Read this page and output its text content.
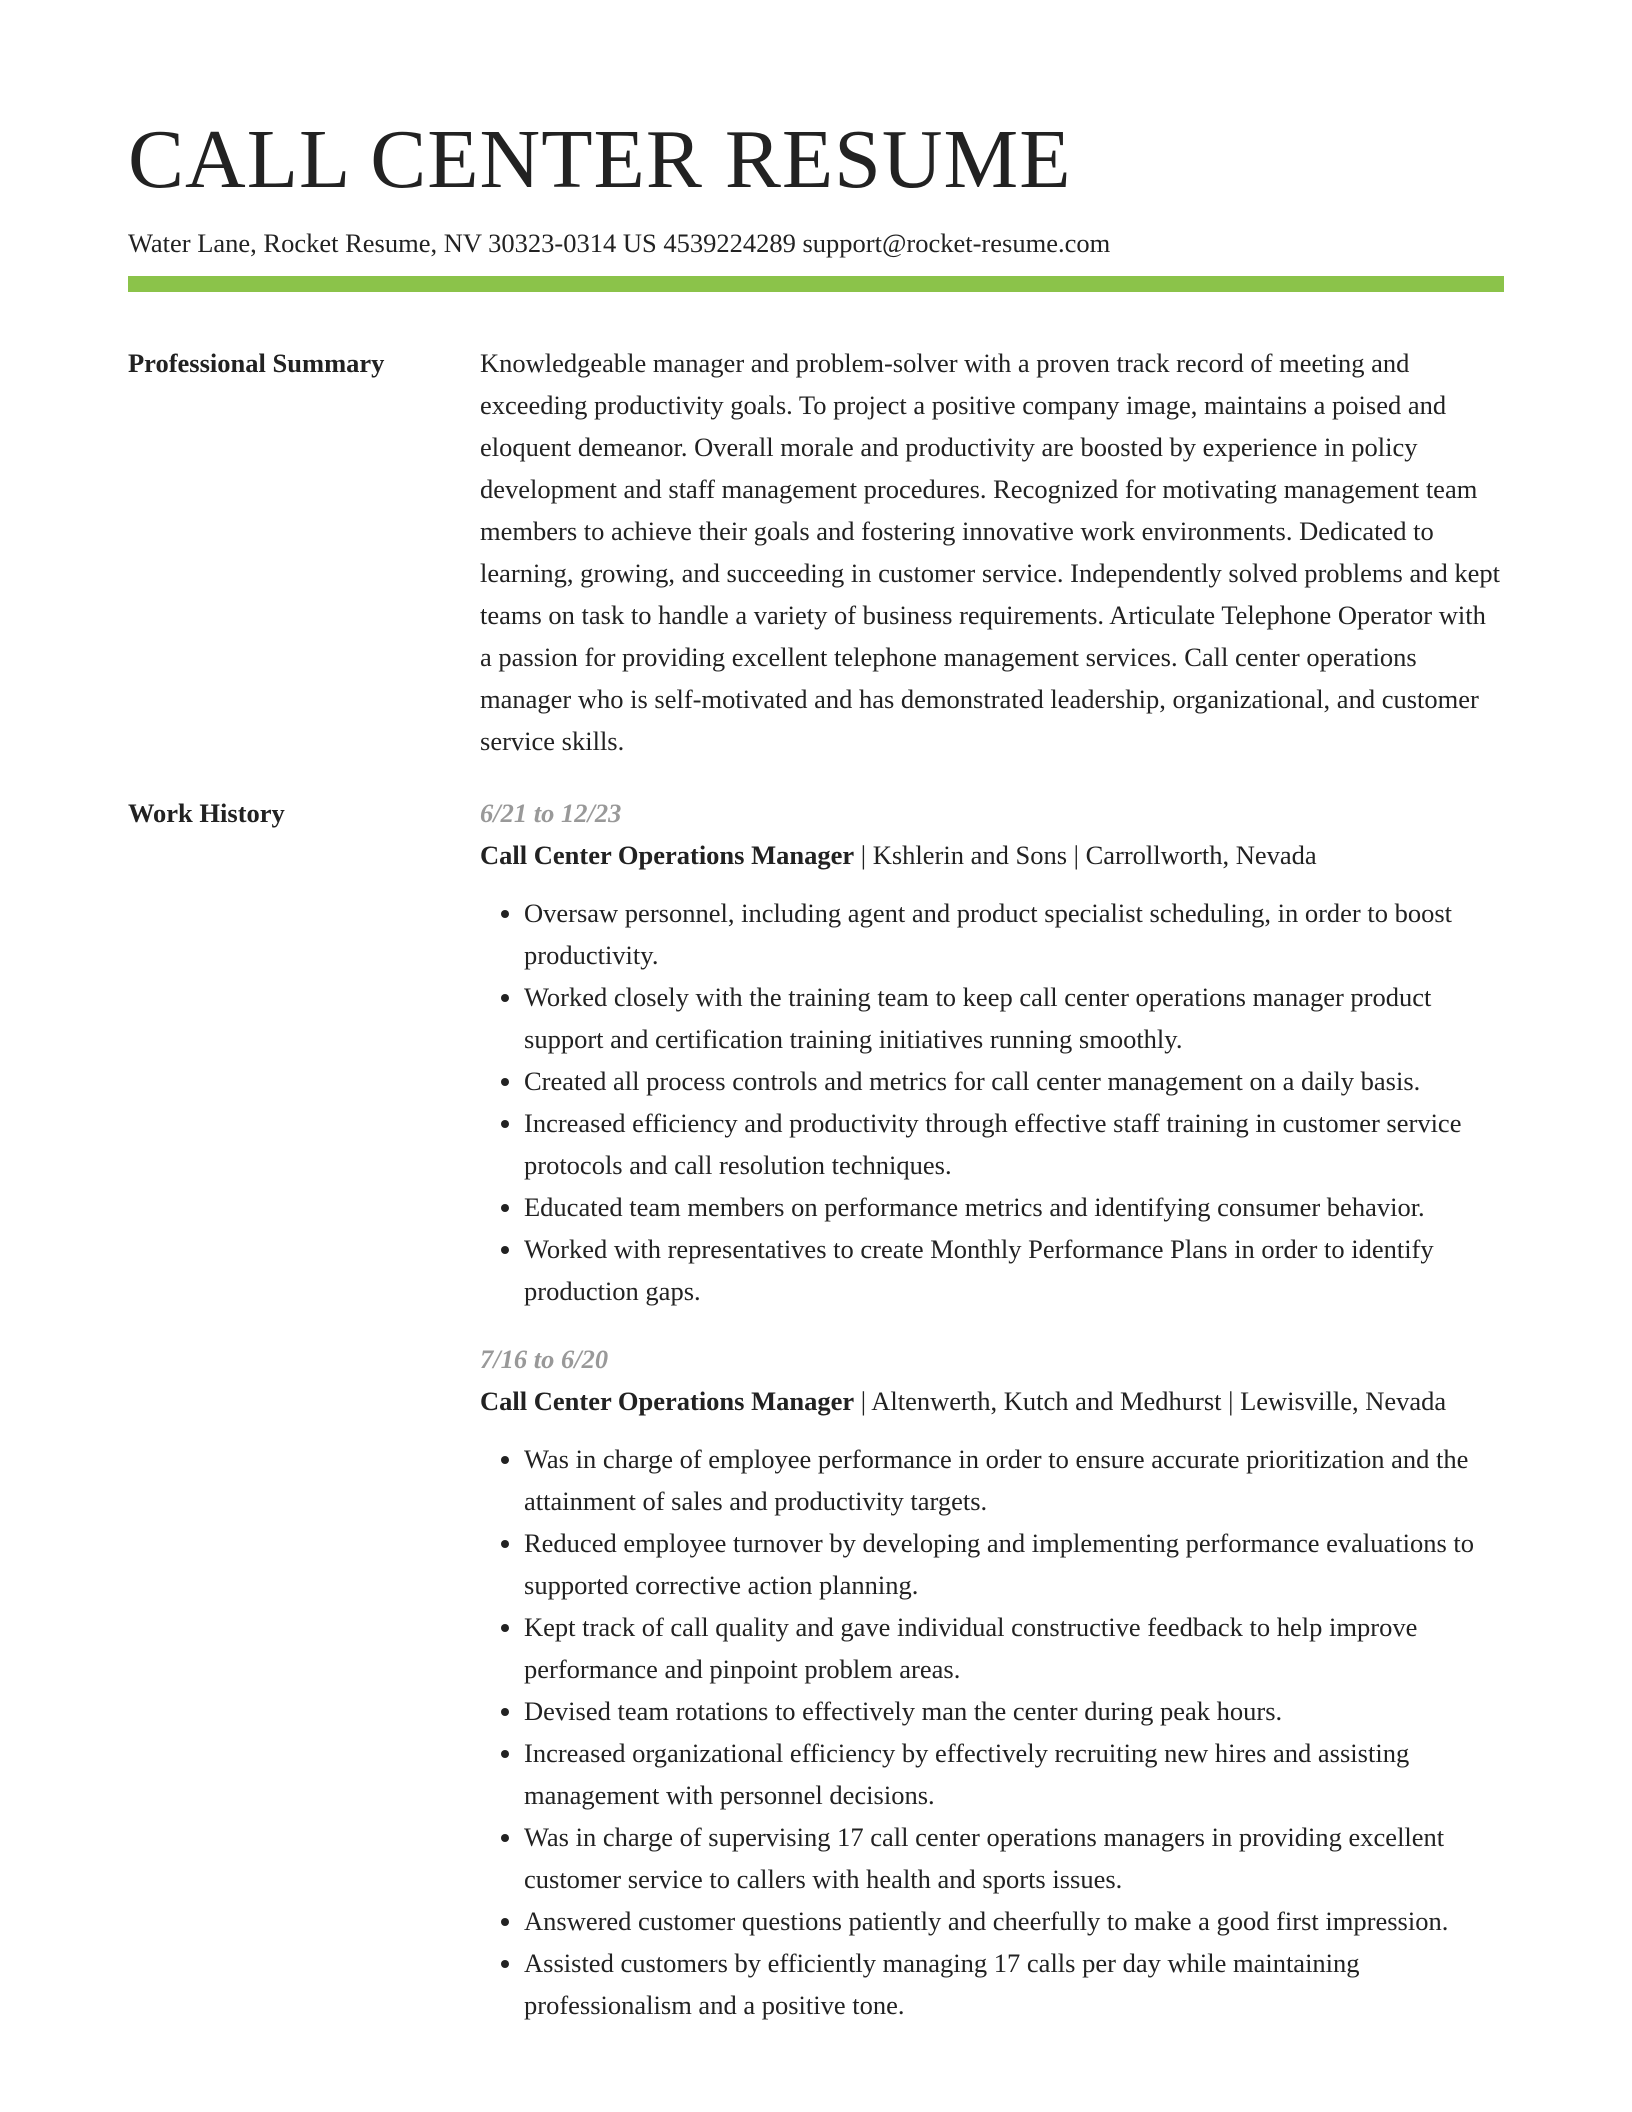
CALL CENTER RESUME
Water Lane, Rocket Resume, NV 30323-0314 US 4539224289 support@rocket-resume.com
Professional Summary	Knowledgeable manager and problem-solver with a proven track record of meeting and exceeding productivity goals. To project a positive company image, maintains a poised and eloquent demeanor. Overall morale and productivity are boosted by experience in policy development and staff management procedures. Recognized for motivating management team members to achieve their goals and fostering innovative work environments. Dedicated to learning, growing, and succeeding in customer service. Independently solved problems and kept teams on task to handle a variety of business requirements. Articulate Telephone Operator with a passion for providing excellent telephone management services. Call center operations manager who is self-motivated and has demonstrated leadership, organizational, and customer service skills.

Work History	6/21 to 12/23
Call Center Operations Manager | Kshlerin and Sons | Carrollworth, Nevada
• Oversaw personnel, including agent and product specialist scheduling, in order to boost productivity.
• Worked closely with the training team to keep call center operations manager product support and certification training initiatives running smoothly.
• Created all process controls and metrics for call center management on a daily basis.
• Increased efficiency and productivity through effective staff training in customer service protocols and call resolution techniques.
• Educated team members on performance metrics and identifying consumer behavior.
• Worked with representatives to create Monthly Performance Plans in order to identify production gaps.
7/16 to 6/20
Call Center Operations Manager | Altenwerth, Kutch and Medhurst | Lewisville, Nevada
• Was in charge of employee performance in order to ensure accurate prioritization and the attainment of sales and productivity targets.
• Reduced employee turnover by developing and implementing performance evaluations to supported corrective action planning.
• Kept track of call quality and gave individual constructive feedback to help improve performance and pinpoint problem areas.
• Devised team rotations to effectively man the center during peak hours.
• Increased organizational efficiency by effectively recruiting new hires and assisting management with personnel decisions.
• Was in charge of supervising 17 call center operations managers in providing excellent customer service to callers with health and sports issues.
• Answered customer questions patiently and cheerfully to make a good first impression.
• Assisted customers by efficiently managing 17 calls per day while maintaining professionalism and a positive tone.
